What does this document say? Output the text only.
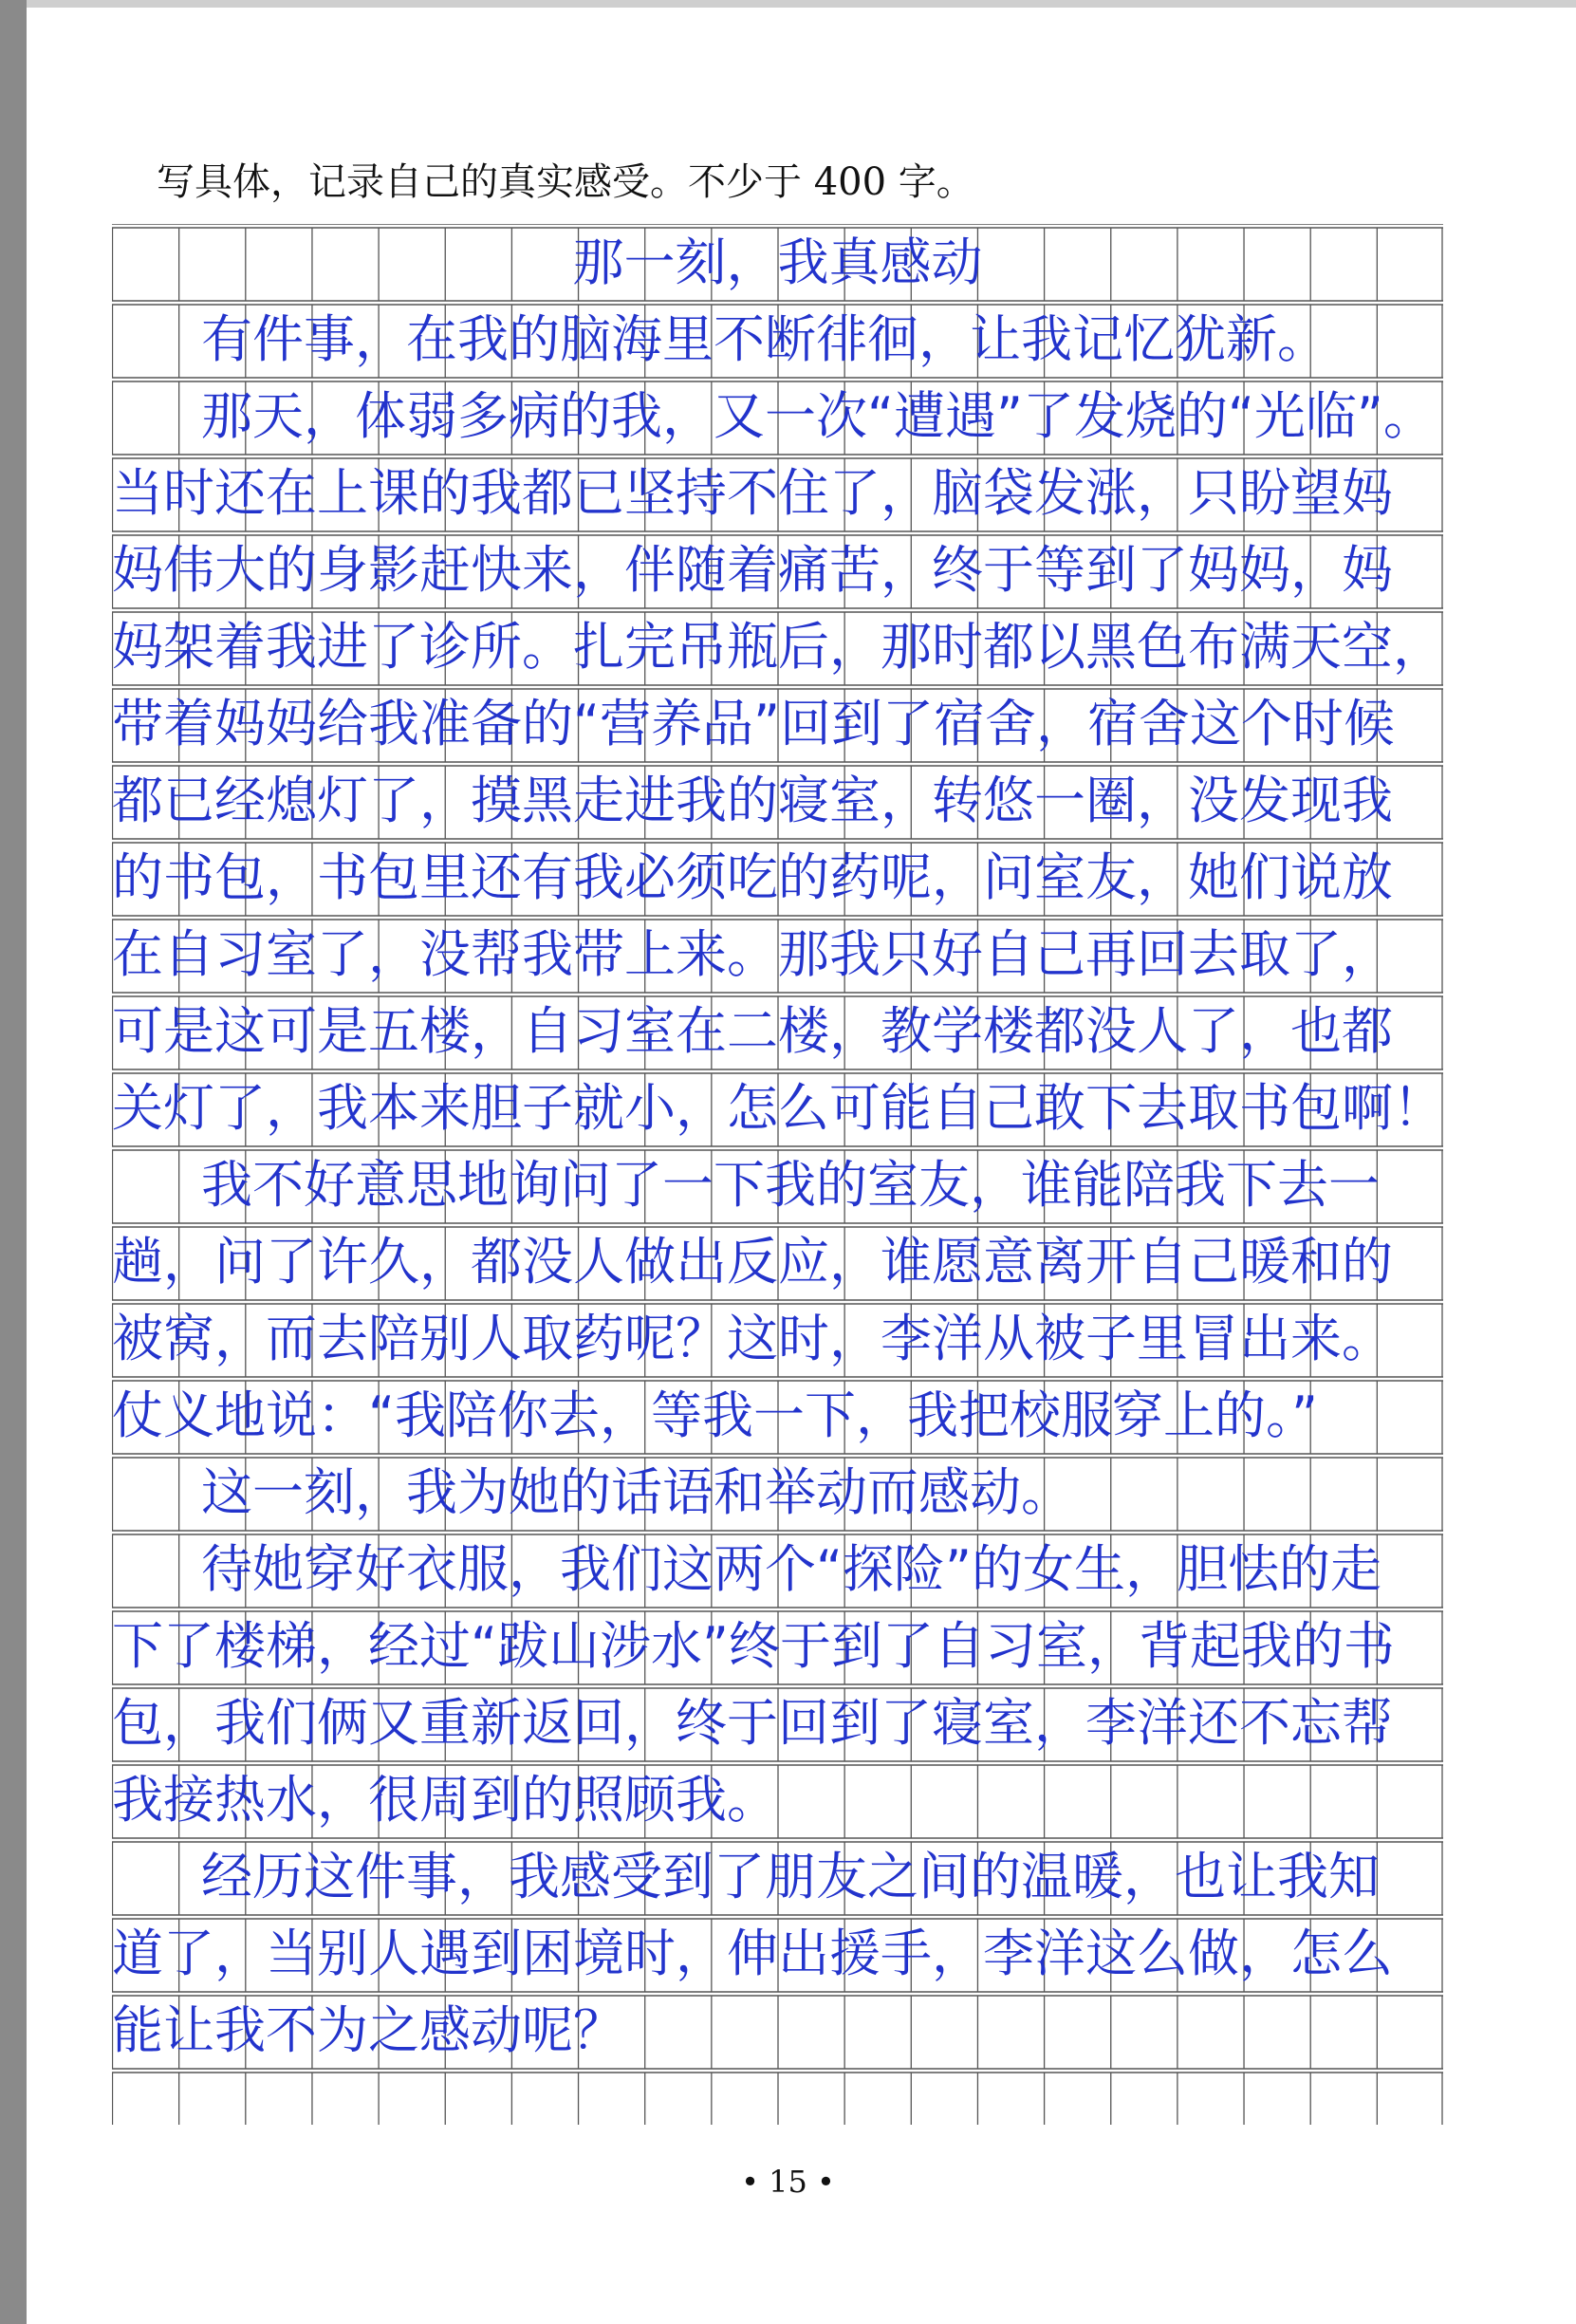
写具体，记录自己的真实感受。不少于 400 字。
那一刻，我真感动
有件事，在我的脑海里不断徘徊，让我记忆犹新。
那天，体弱多病的我，又一次“遭遇”了发烧的“光临”。
当时还在上课的我都已坚持不住了，脑袋发涨，只盼望妈
妈伟大的身影赶快来，伴随着痛苦，终于等到了妈妈，妈
妈架着我进了诊所。扎完吊瓶后，那时都以黑色布满天空，
带着妈妈给我准备的“营养品”回到了宿舍，宿舍这个时候
都已经熄灯了，摸黑走进我的寝室，转悠一圈，没发现我
的书包，书包里还有我必须吃的药呢，问室友，她们说放
在自习室了，没帮我带上来。那我只好自己再回去取了，
可是这可是五楼，自习室在二楼，教学楼都没人了，也都
关灯了，我本来胆子就小，怎么可能自己敢下去取书包啊！
我不好意思地询问了一下我的室友，谁能陪我下去一
趟，问了许久，都没人做出反应，谁愿意离开自己暖和的
被窝，而去陪别人取药呢？这时，李洋从被子里冒出来。
仗义地说：“我陪你去，等我一下，我把校服穿上的。”
这一刻，我为她的话语和举动而感动。
待她穿好衣服，我们这两个“探险”的女生，胆怯的走
下了楼梯，经过“跋山涉水”终于到了自习室，背起我的书
包，我们俩又重新返回，终于回到了寝室，李洋还不忘帮
我接热水，很周到的照顾我。
经历这件事，我感受到了朋友之间的温暖，也让我知
道了，当别人遇到困境时，伸出援手，李洋这么做，怎么
能让我不为之感动呢？
• 15 •
